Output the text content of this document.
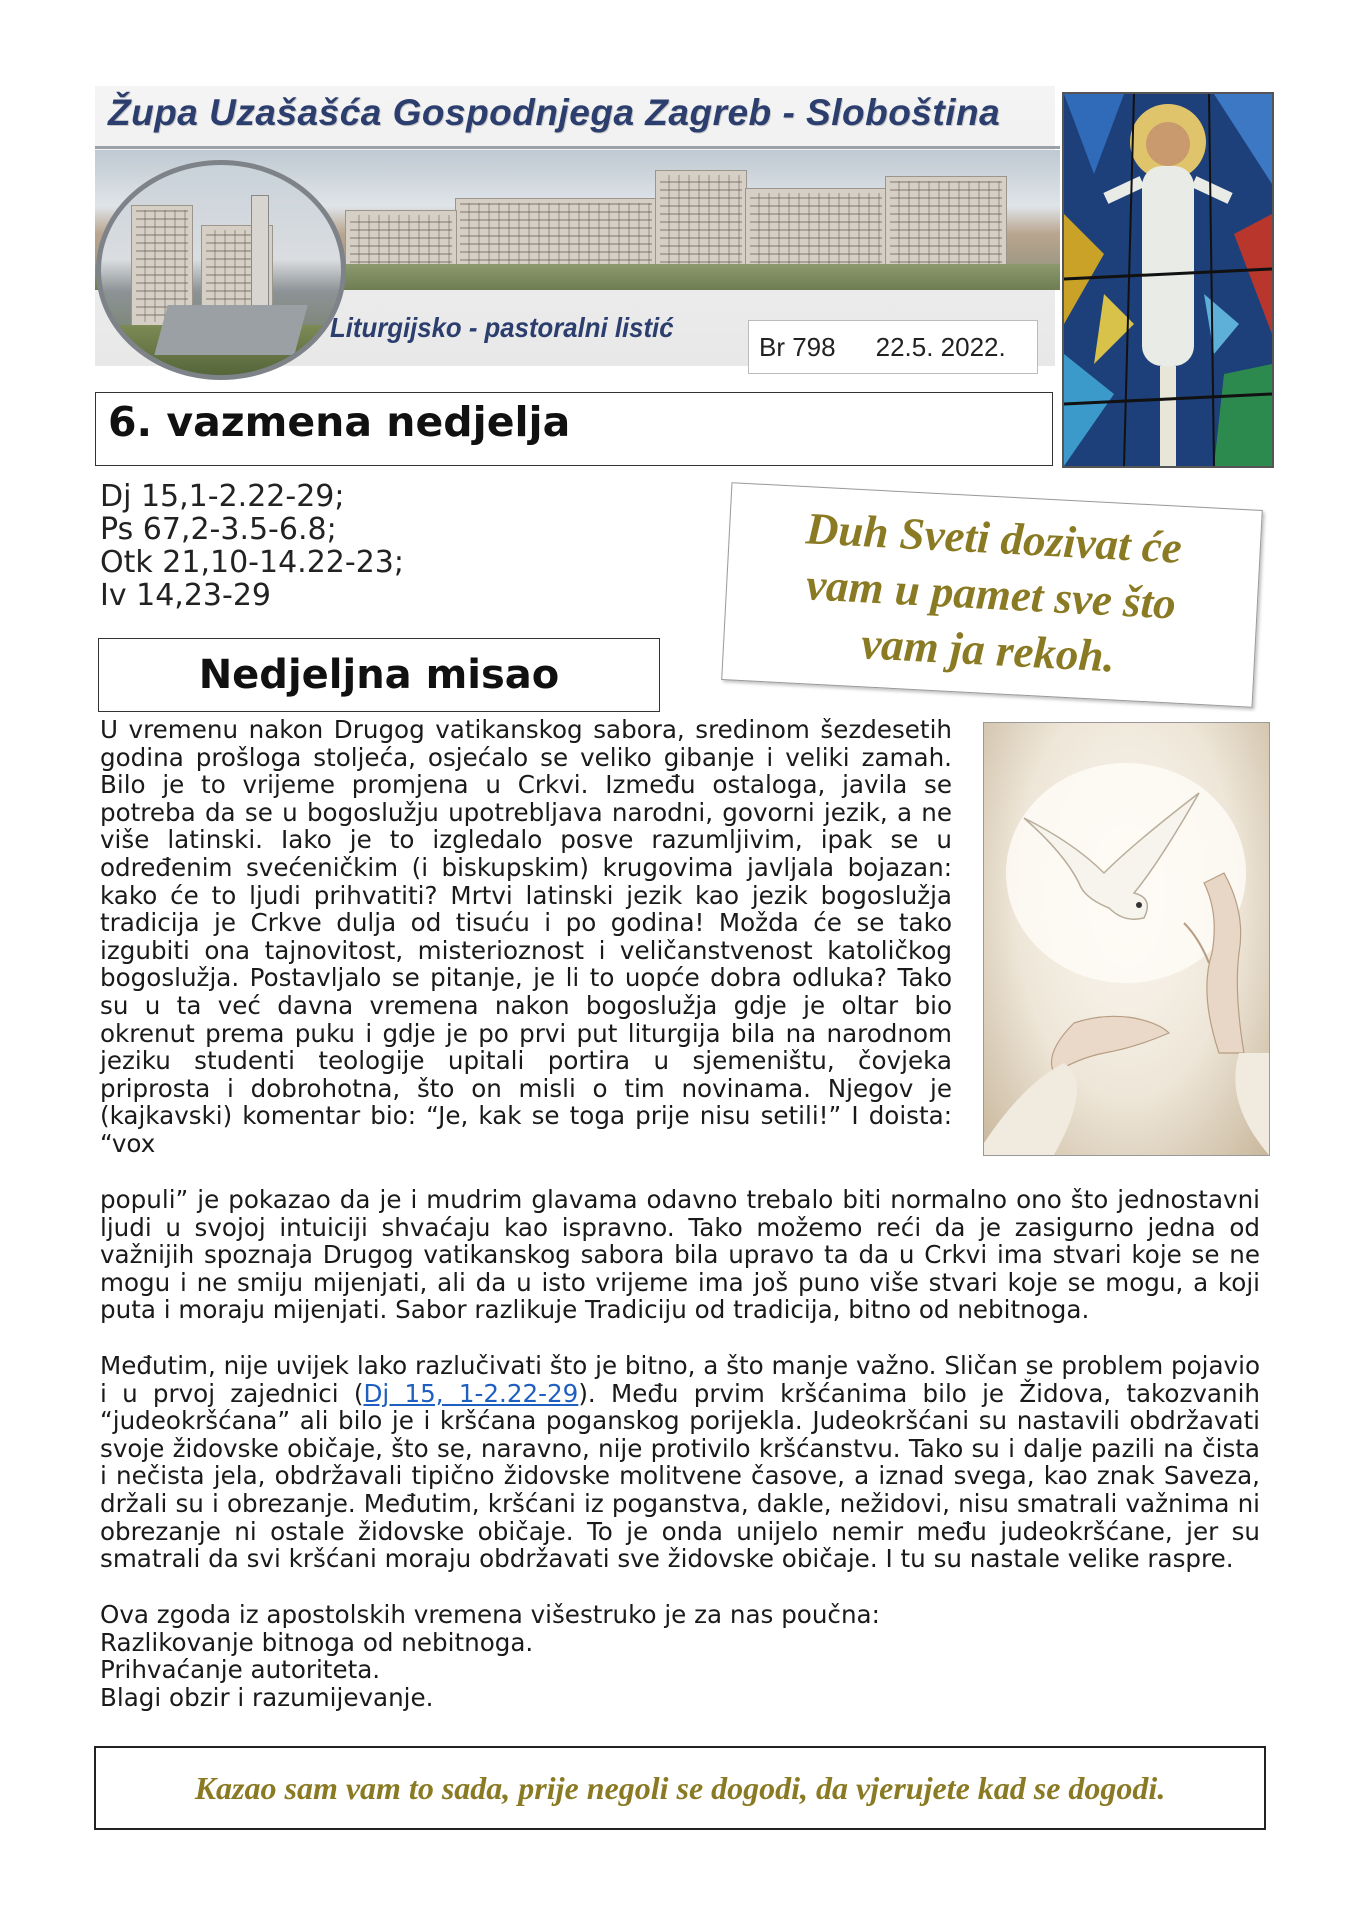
Župa Uzašašća Gospodnjega Zagreb - Sloboština
Liturgijsko - pastoralni listić
Br 798 22.5. 2022.
6. vazmena nedjelja
Dj 15,1-2.22-29;
Ps 67,2-3.5-6.8;
Otk 21,10-14.22-23;
Iv 14,23-29
Duh Sveti dozivat će
vam u pamet sve što
vam ja rekoh.
Nedjeljna misao
U vremenu nakon Drugog vatikanskog sabora, sredinom šezdesetih godina prošloga stoljeća, osjećalo se veliko gibanje i veliki zamah. Bilo je to vrijeme promjena u Crkvi. Između ostaloga, javila se potreba da se u bogoslužju upotrebljava narodni, govorni jezik, a ne više latinski. Iako je to izgledalo posve razumljivim, ipak se u određenim svećeničkim (i biskupskim) krugovima javljala bojazan: kako će to ljudi prihvatiti? Mrtvi latinski jezik kao jezik bogoslužja tradicija je Crkve dulja od tisuću i po godina! Možda će se tako izgubiti ona tajnovitost, misterioznost i veličanstvenost katoličkog bogoslužja. Postavljalo se pitanje, je li to uopće dobra odluka? Tako su u ta već davna vremena nakon bogoslužja gdje je oltar bio okrenut prema puku i gdje je po prvi put liturgija bila na narodnom jeziku studenti teologije upitali portira u sjemeništu, čovjeka priprosta i dobrohotna, što on misli o tim novinama. Njegov je (kajkavski) komentar bio: “Je, kak se toga prije nisu setili!” I doista: “vox
populi” je pokazao da je i mudrim glavama odavno trebalo biti normalno ono što jednostavni ljudi u svojoj intuiciji shvaćaju kao ispravno. Tako možemo reći da je zasigurno jedna od važnijih spoznaja Drugog vatikanskog sabora bila upravo ta da u Crkvi ima stvari koje se ne mogu i ne smiju mijenjati, ali da u isto vrijeme ima još puno više stvari koje se mogu, a koji puta i moraju mijenjati. Sabor razlikuje Tradiciju od tradicija, bitno od nebitnoga.
Međutim, nije uvijek lako razlučivati što je bitno, a što manje važno. Sličan se problem pojavio i u prvoj zajednici (Dj 15, 1-2.22-29). Među prvim kršćanima bilo je Židova, takozvanih “judeokršćana” ali bilo je i kršćana poganskog porijekla. Judeokršćani su nastavili obdržavati svoje židovske običaje, što se, naravno, nije protivilo kršćanstvu. Tako su i dalje pazili na čista i nečista jela, obdržavali tipično židovske molitvene časove, a iznad svega, kao znak Saveza, držali su i obrezanje. Međutim, kršćani iz poganstva, dakle, nežidovi, nisu smatrali važnima ni obrezanje ni ostale židovske običaje. To je onda unijelo nemir među judeokršćane, jer su smatrali da svi kršćani moraju obdržavati sve židovske običaje. I tu su nastale velike raspre.
Ova zgoda iz apostolskih vremena višestruko je za nas poučna:
Razlikovanje bitnoga od nebitnoga.
Prihvaćanje autoriteta.
Blagi obzir i razumijevanje.
Kazao sam vam to sada, prije negoli se dogodi, da vjerujete kad se dogodi.
